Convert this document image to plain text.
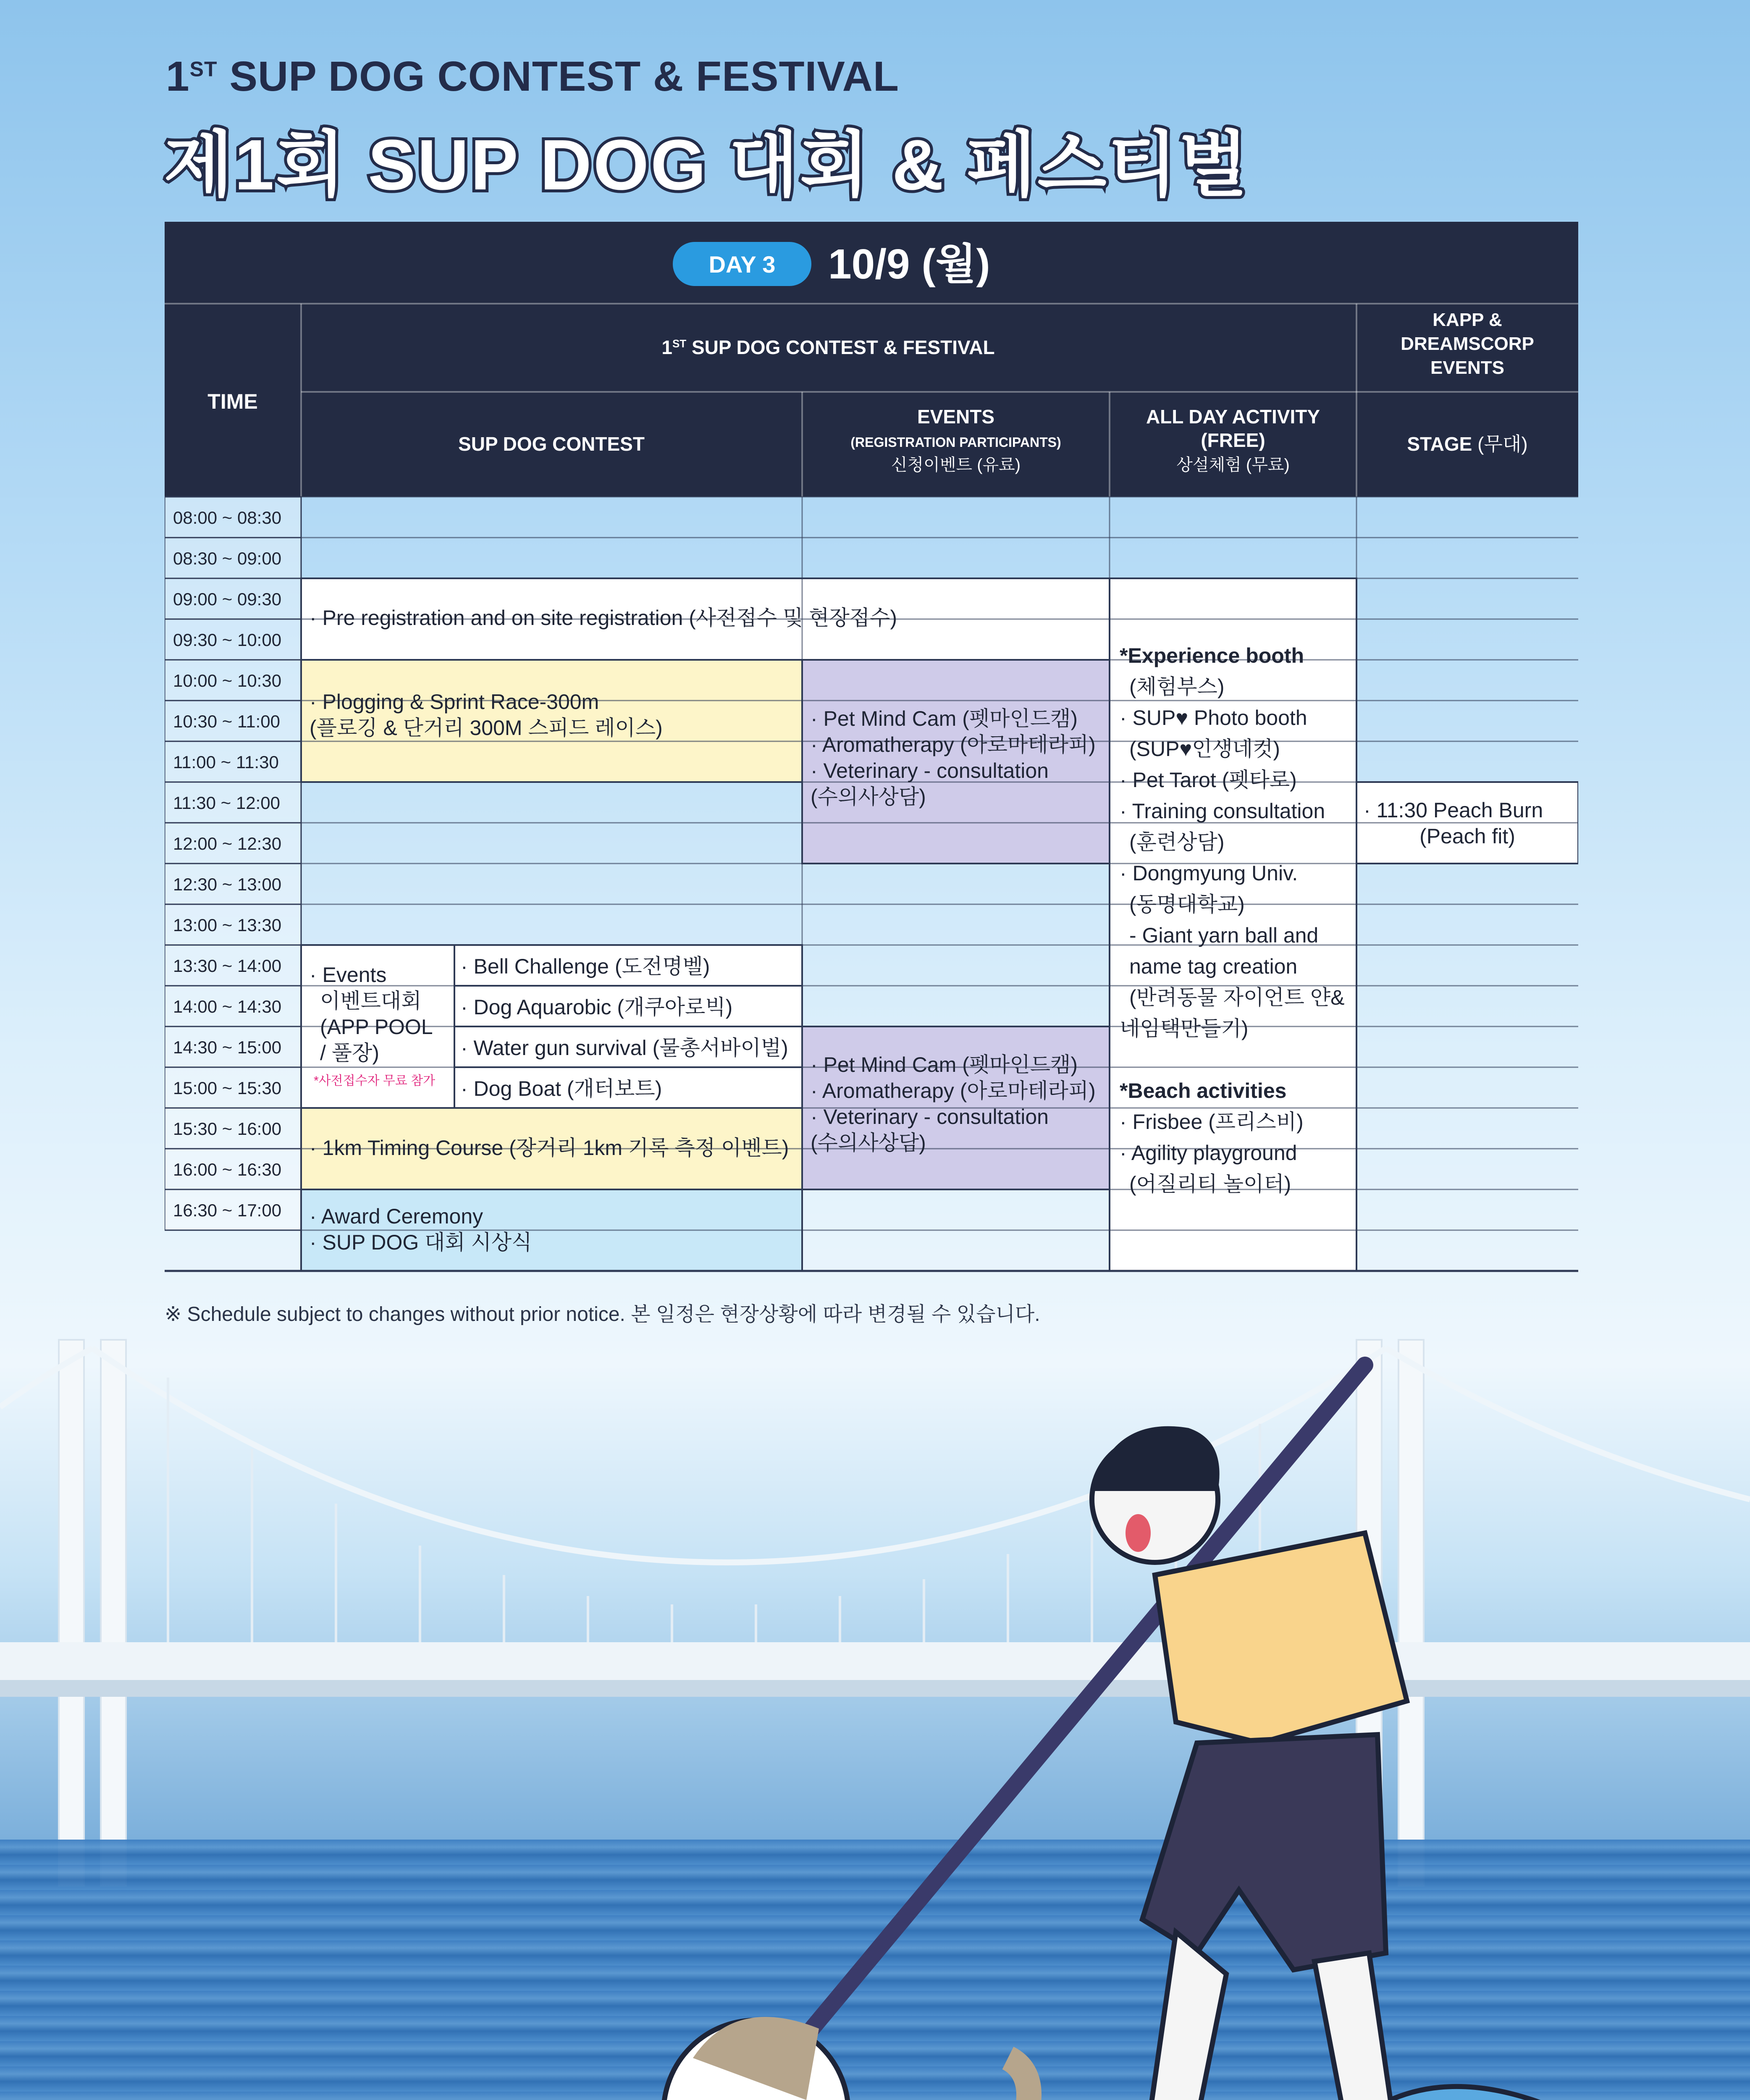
1ST SUP DOG CONTEST & FESTIVAL
제1회 SUP DOG 대회 & 페스티벌
DAY 3 10/9 (월)
TIME
1ST SUP DOG CONTEST & FESTIVAL
KAPP &
DREAMSCORP
EVENTS
SUP DOG CONTEST
EVENTS
(REGISTRATION PARTICIPANTS)
신청이벤트 (유료)
ALL DAY ACTIVITY
(FREE)
상설체험 (무료)
STAGE (무대)
08:00 ~ 08:30
08:30 ~ 09:00
09:00 ~ 09:30
09:30 ~ 10:00
10:00 ~ 10:30
10:30 ~ 11:00
11:00 ~ 11:30
11:30 ~ 12:00
12:00 ~ 12:30
12:30 ~ 13:00
13:00 ~ 13:30
13:30 ~ 14:00
14:00 ~ 14:30
14:30 ~ 15:00
15:00 ~ 15:30
15:30 ~ 16:00
16:00 ~ 16:30
16:30 ~ 17:00
· Pre registration and on site registration (사전접수 및 현장접수)
· Plogging & Sprint Race-300m
(플로깅 & 단거리 300M 스피드 레이스)	· Pet Mind Cam (펫마인드캠)
· Aromatherapy (아로마테라피)
· Veterinary - consultation
(수의사상담)
· Events
이벤트대회
(APP POOL
/ 풀장)
*사전접수자 무료 참가
· Bell Challenge (도전명벨)
· Dog Aquarobic (개쿠아로빅)
· Water gun survival (물총서바이벌)
· Dog Boat (개터보트)
· Pet Mind Cam (펫마인드캠)
· Aromatherapy (아로마테라피)
· Veterinary - consultation
(수의사상담)
· 1km Timing Course (장거리 1km 기록 측정 이벤트)
· Award Ceremony
· SUP DOG 대회 시상식
· 11:30 Peach Burn
(Peach fit)
*Experience booth
(체험부스)
· SUP♥ Photo booth
(SUP♥인생네컷)
· Pet Tarot (펫타로)
· Training consultation
(훈련상담)
· Dongmyung Univ.
(동명대학교)
- Giant yarn ball and
name tag creation
(반려동물 자이언트 얀&
네임택만들기)
*Beach activities
· Frisbee (프리스비)
· Agility playground
(어질리티 놀이터)

※ Schedule subject to changes without prior notice. 본 일정은 현장상황에 따라 변경될 수 있습니다.
